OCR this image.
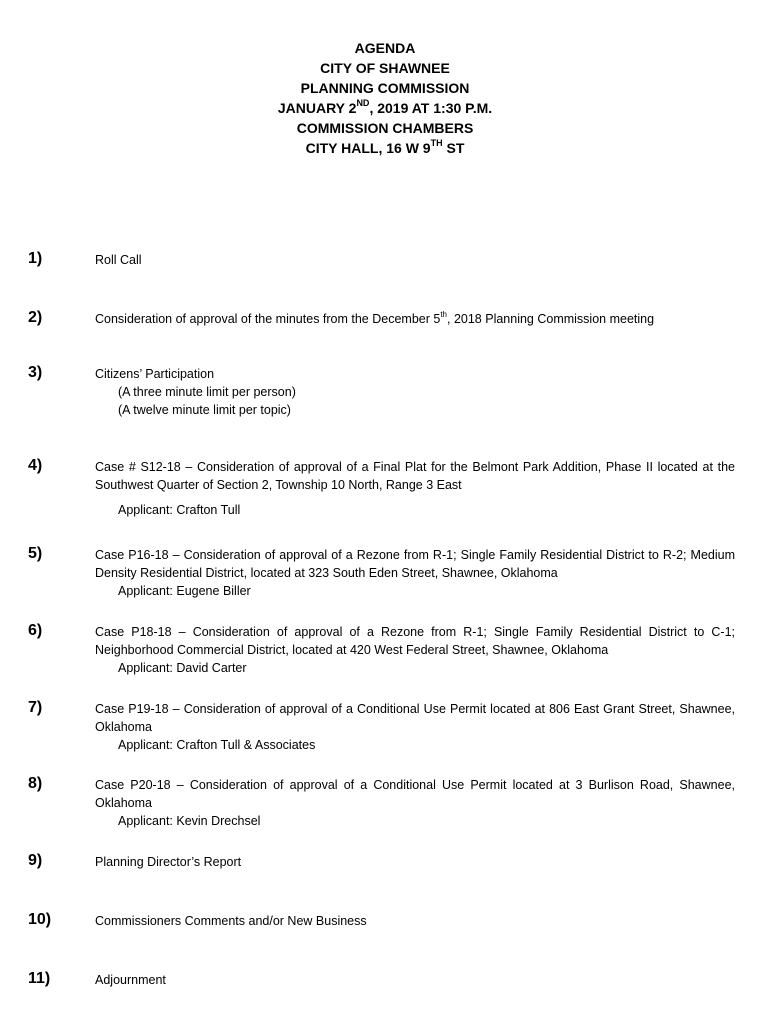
AGENDA
CITY OF SHAWNEE
PLANNING COMMISSION
JANUARY 2ND, 2019 AT 1:30 P.M.
COMMISSION CHAMBERS
CITY HALL, 16 W 9TH ST
1)	Roll Call
2)	Consideration of approval of the minutes from the December 5th, 2018 Planning Commission meeting
3)	Citizens’ Participation
(A three minute limit per person)
(A twelve minute limit per topic)
4)	Case # S12-18 – Consideration of approval of a Final Plat for the Belmont Park Addition, Phase II located at the Southwest Quarter of Section 2, Township 10 North, Range 3 East
Applicant: Crafton Tull
5)	Case P16-18 – Consideration of approval of a Rezone from R-1; Single Family Residential District to R-2; Medium Density Residential District, located at 323 South Eden Street, Shawnee, Oklahoma
Applicant: Eugene Biller
6)	Case P18-18 – Consideration of approval of a Rezone from R-1; Single Family Residential District to C-1; Neighborhood Commercial District, located at 420 West Federal Street, Shawnee, Oklahoma
Applicant: David Carter
7)	Case P19-18 – Consideration of approval of a Conditional Use Permit located at 806 East Grant Street, Shawnee, Oklahoma
Applicant: Crafton Tull & Associates
8)	Case P20-18 – Consideration of approval of a Conditional Use Permit located at 3 Burlison Road, Shawnee, Oklahoma
Applicant: Kevin Drechsel
9)	Planning Director’s Report
10)	Commissioners Comments and/or New Business
11)	Adjournment
